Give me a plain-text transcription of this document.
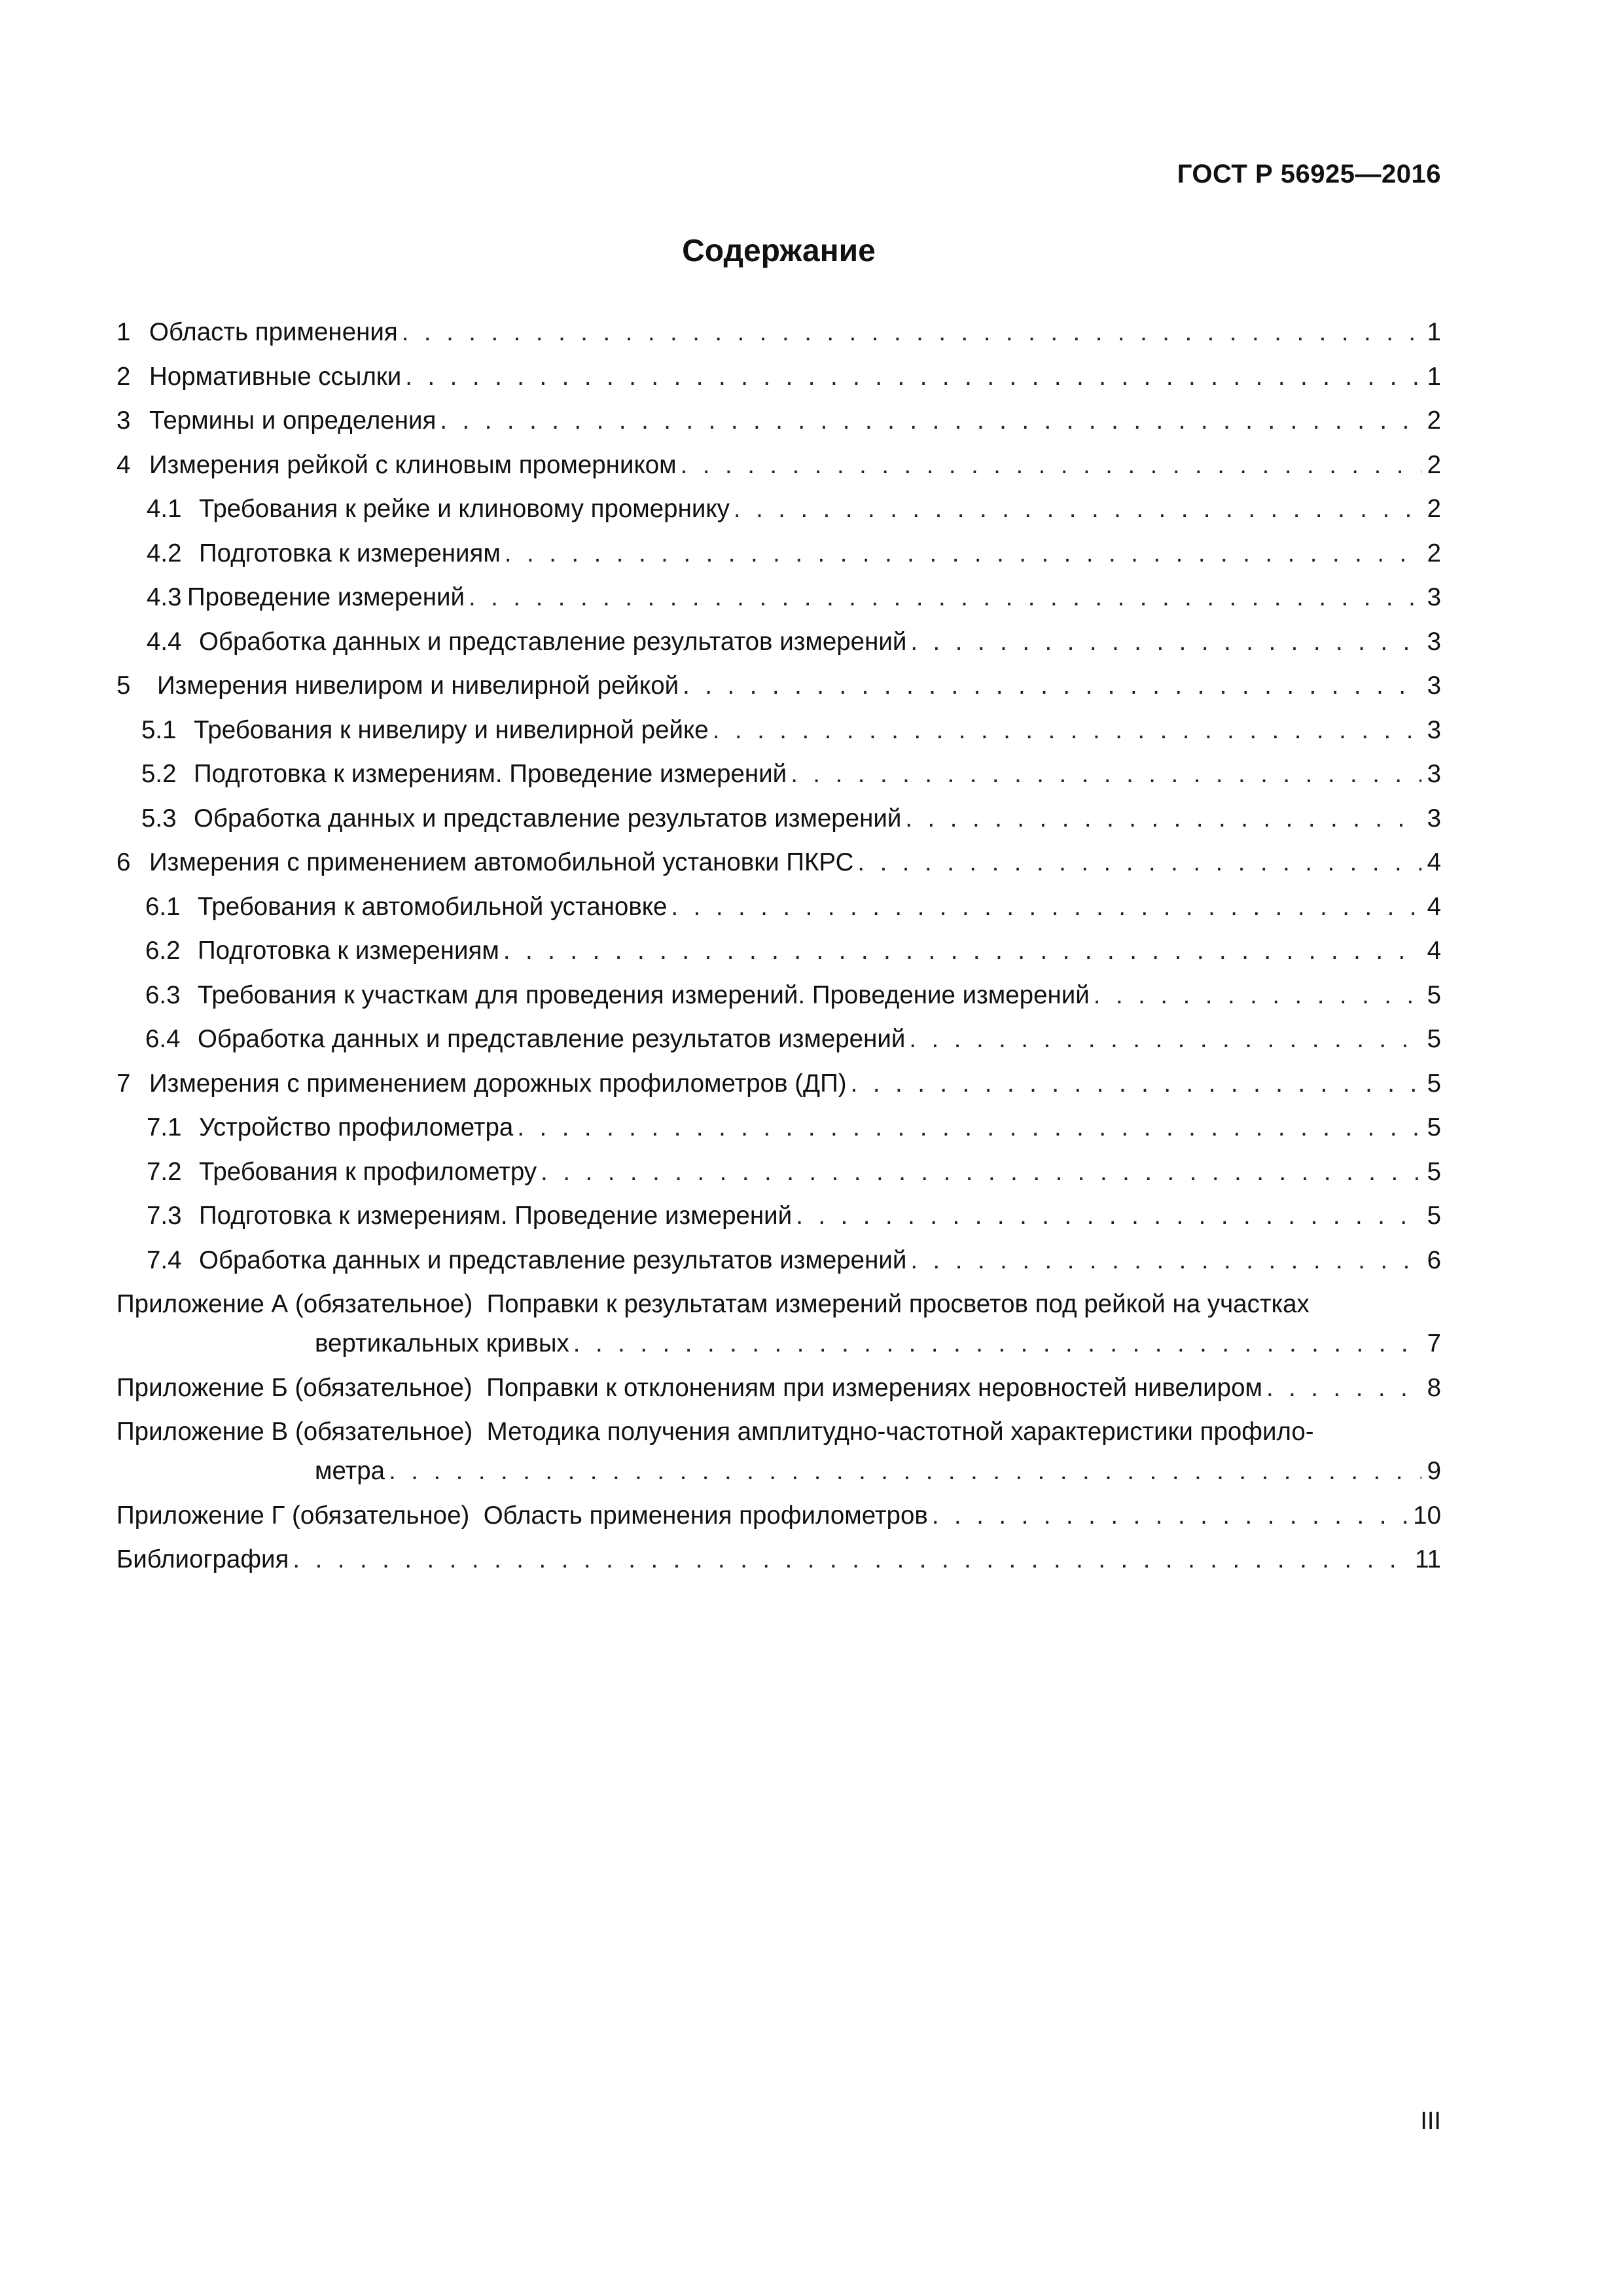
ГОСТ Р 56925—2016
Содержание
1 Область применения . . .	1
2 Нормативные ссылки . . .	1
3 Термины и определения . . .	2
4 Измерения рейкой с клиновым промерником . . .	2
4.1 Требования к рейке и клиновому промернику . . .	2
4.2 Подготовка к измерениям . . .	2
4.3 Проведение измерений . . .	3
4.4 Обработка данных и представление результатов измерений . . .	3
5	Измерения нивелиром и нивелирной рейкой . . .	3
5.1 Требования к нивелиру и нивелирной рейке . . .	3
5.2 Подготовка к измерениям. Проведение измерений . . .	3
5.3 Обработка данных и представление результатов измерений . . .	3
6 Измерения с применением автомобильной установки ПКРС . . .	4
6.1 Требования к автомобильной установке . . .	4
6.2 Подготовка к измерениям . . .	4
6.3 Требования к участкам для проведения измерений. Проведение измерений . . .	5
6.4 Обработка данных и представление результатов измерений . . .	5
7 Измерения с применением дорожных профилометров (ДП) . . .	5
7.1 Устройство профилометра . . .	5
7.2 Требования к профилометру . . .	5
7.3 Подготовка к измерениям. Проведение измерений . . .	5
7.4 Обработка данных и представление результатов измерений . . .	6
Приложение А (обязательное) Поправки к результатам измерений просветов под рейкой на участках
вертикальных кривых . . .	7
Приложение Б (обязательное)
Поправки к отклонениям при измерениях неровностей нивелиром . . .	8
Приложение В (обязательное) Методика получения амплитудно-частотной характеристики профило-
метра . . .	9
Приложение Г (обязательное)
Область применения профилометров . . .	10
Библиография . . .	11
III
